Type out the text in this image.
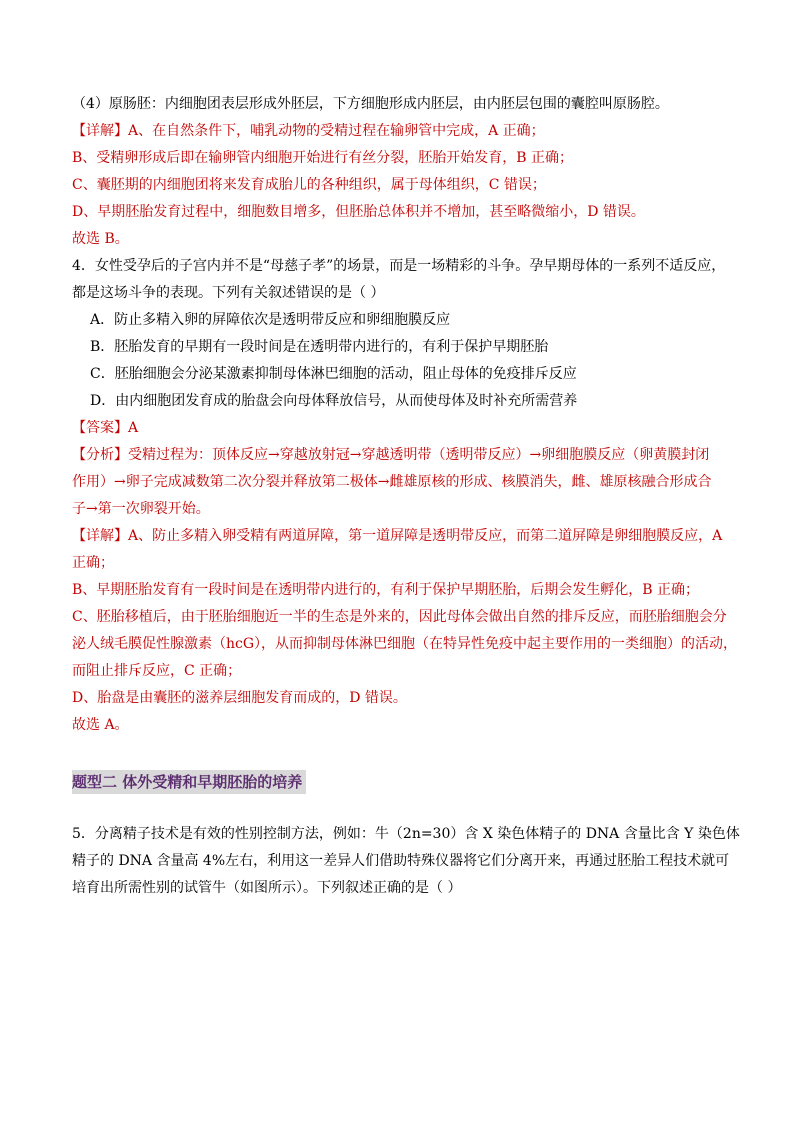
（4）原肠胚：内细胞团表层形成外胚层，下方细胞形成内胚层，由内胚层包围的囊腔叫原肠腔。
【详解】A、在自然条件下，哺乳动物的受精过程在输卵管中完成，A 正确；
B、受精卵形成后即在输卵管内细胞开始进行有丝分裂，胚胎开始发育，B 正确；
C、囊胚期的内细胞团将来发育成胎儿的各种组织，属于母体组织，C 错误；
D、早期胚胎发育过程中，细胞数目增多，但胚胎总体积并不增加，甚至略微缩小，D 错误。
故选 B。
4．女性受孕后的子宫内并不是“母慈子孝”的场景，而是一场精彩的斗争。孕早期母体的一系列不适反应，
都是这场斗争的表现。下列有关叙述错误的是（ ）
A．防止多精入卵的屏障依次是透明带反应和卵细胞膜反应
B．胚胎发育的早期有一段时间是在透明带内进行的，有利于保护早期胚胎
C．胚胎细胞会分泌某激素抑制母体淋巴细胞的活动，阻止母体的免疫排斥反应
D．由内细胞团发育成的胎盘会向母体释放信号，从而使母体及时补充所需营养
【答案】A
【分析】受精过程为：顶体反应→穿越放射冠→穿越透明带（透明带反应）→卵细胞膜反应（卵黄膜封闭
作用）→卵子完成减数第二次分裂并释放第二极体→雌雄原核的形成、核膜消失，雌、雄原核融合形成合
子→第一次卵裂开始。
【详解】A、防止多精入卵受精有两道屏障，第一道屏障是透明带反应，而第二道屏障是卵细胞膜反应，A
正确；
B、早期胚胎发育有一段时间是在透明带内进行的，有利于保护早期胚胎，后期会发生孵化，B 正确；
C、胚胎移植后，由于胚胎细胞近一半的生态是外来的，因此母体会做出自然的排斥反应，而胚胎细胞会分
泌人绒毛膜促性腺激素（hcG），从而抑制母体淋巴细胞（在特异性免疫中起主要作用的一类细胞）的活动，
而阻止排斥反应，C 正确；
D、胎盘是由囊胚的滋养层细胞发育而成的，D 错误。
故选 A。
题型二 体外受精和早期胚胎的培养
5．分离精子技术是有效的性别控制方法，例如：牛（2n=30）含 X 染色体精子的 DNA 含量比含 Y 染色体
精子的 DNA 含量高 4%左右，利用这一差异人们借助特殊仪器将它们分离开来，再通过胚胎工程技术就可
培育出所需性别的试管牛（如图所示）。下列叙述正确的是（ ）
